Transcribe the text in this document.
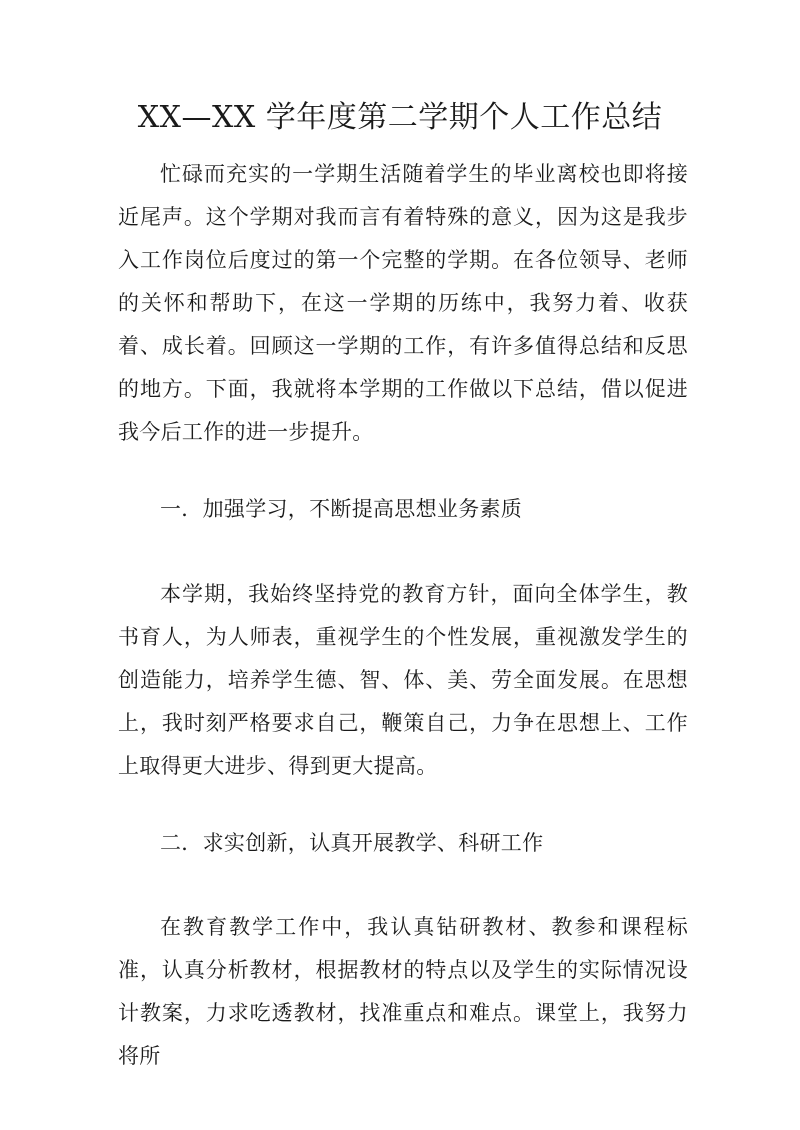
XX—XX 学年度第二学期个人工作总结

忙碌而充实的一学期生活随着学生的毕业离校也即将接近尾声。这个学期对我而言有着特殊的意义，因为这是我步入工作岗位后度过的第一个完整的学期。在各位领导、老师的关怀和帮助下，在这一学期的历练中，我努力着、收获着、成长着。回顾这一学期的工作，有许多值得总结和反思的地方。下面，我就将本学期的工作做以下总结，借以促进我今后工作的进一步提升。

一．加强学习，不断提高思想业务素质

本学期，我始终坚持党的教育方针，面向全体学生，教书育人，为人师表，重视学生的个性发展，重视激发学生的创造能力，培养学生德、智、体、美、劳全面发展。在思想上，我时刻严格要求自己，鞭策自己，力争在思想上、工作上取得更大进步、得到更大提高。

二．求实创新，认真开展教学、科研工作

在教育教学工作中，我认真钻研教材、教参和课程标准，认真分析教材，根据教材的特点以及学生的实际情况设计教案，力求吃透教材，找准重点和难点。课堂上，我努力将所
